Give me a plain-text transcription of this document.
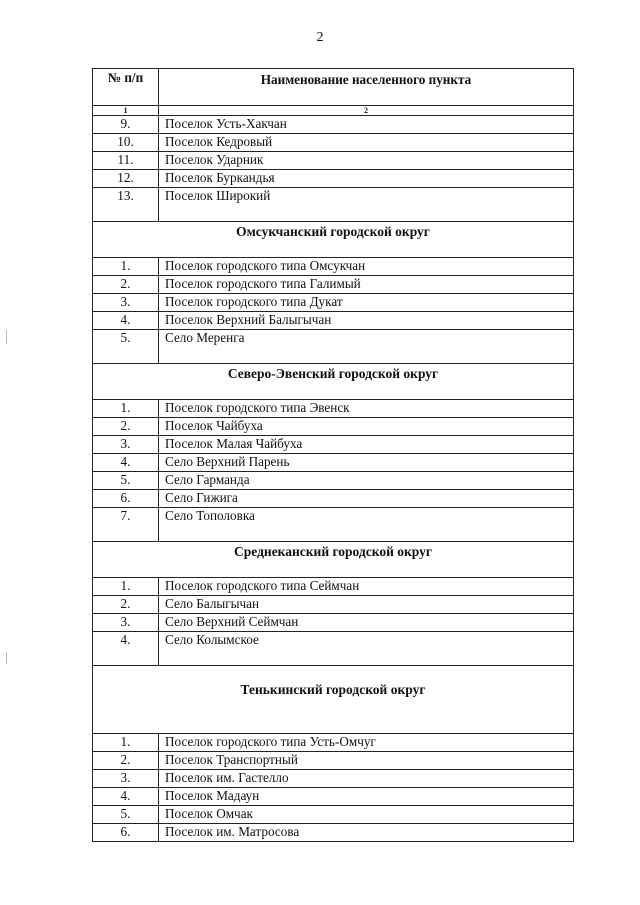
2
№ п/п	Наименование населенного пункта
1	2
9.	Поселок Усть-Хакчан
10.	Поселок Кедровый
11.	Поселок Ударник
12.	Поселок Буркандья
13.	Поселок Широкий
Омсукчанский городской округ	
1.	Поселок городского типа Омсукчан
2.	Поселок городского типа Галимый
3.	Поселок городского типа Дукат
4.	Поселок Верхний Балыгычан
5.	Село Меренга
Северо-Эвенский городской округ	
1.	Поселок городского типа Эвенск
2.	Поселок Чайбуха
3.	Поселок Малая Чайбуха
4.	Село Верхний Парень
5.	Село Гарманда
6.	Село Гижига
7.	Село Тополовка
Среднеканский городской округ	
1.	Поселок городского типа Сеймчан
2.	Село Балыгычан
3.	Село Верхний Сеймчан
4.	Село Колымское
Тенькинский городской округ	
1.	Поселок городского типа Усть-Омчуг
2.	Поселок Транспортный
3.	Поселок им. Гастелло
4.	Поселок Мадаун
5.	Поселок Омчак
6.	Поселок им. Матросова
